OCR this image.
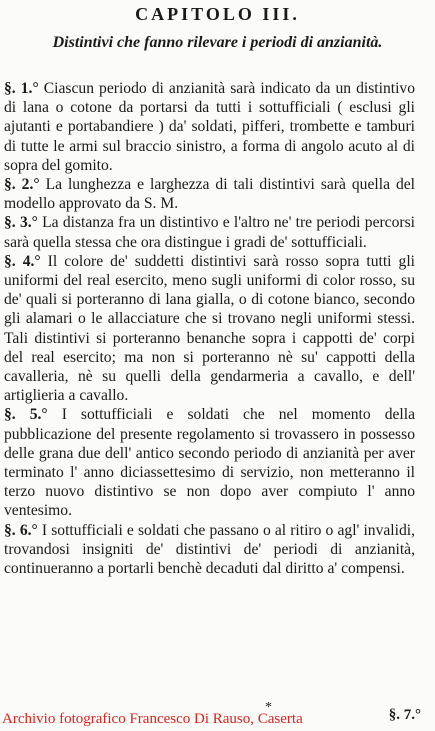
CAPITOLO III.
Distintivi che fanno rilevare i periodi di anzianità.

§. 1.° Ciascun periodo di anzianità sarà indicato da un distintivo di lana o cotone da portarsi da tutti i sottufficiali ( esclusi gli ajutanti e portabandiere ) da' soldati, pifferi, trombette e tamburi di tutte le armi sul braccio sinistro, a forma di angolo acuto al di sopra del gomito.

§. 2.° La lunghezza e larghezza di tali distintivi sarà quella del modello approvato da S. M.

§. 3.° La distanza fra un distintivo e l'altro ne' tre periodi percorsi sarà quella stessa che ora distingue i gradi de' sottufficiali.

§. 4.° Il colore de' suddetti distintivi sarà rosso sopra tutti gli uniformi del real esercito, meno sugli uniformi di color rosso, su de' quali si porteranno di lana gialla, o di cotone bianco, secondo gli alamari o le allacciature che si trovano negli uniformi stessi. Tali distintivi si porteranno benanche sopra i cappotti de' corpi del real esercito; ma non si porteranno nè su' cappotti della cavalleria, nè su quelli della gendarmeria a cavallo, e dell' artiglieria a cavallo.

§. 5.° I sottufficiali e soldati che nel momento della pubblicazione del presente regolamento si trovassero in possesso delle grana due dell' antico secondo periodo di anzianità per aver terminato l' anno diciassettesimo di servizio, non metteranno il terzo nuovo distintivo se non dopo aver compiuto l' anno ventesimo.

§. 6.° I sottufficiali e soldati che passano o al ritiro o agl' invalidi, trovandosi insigniti de' distintivi de' periodi di anzianità, continueranno a portarli benchè decaduti dal diritto a' compensi.

*
Archivio fotografico Francesco Di Rauso, Caserta	§. 7.°
